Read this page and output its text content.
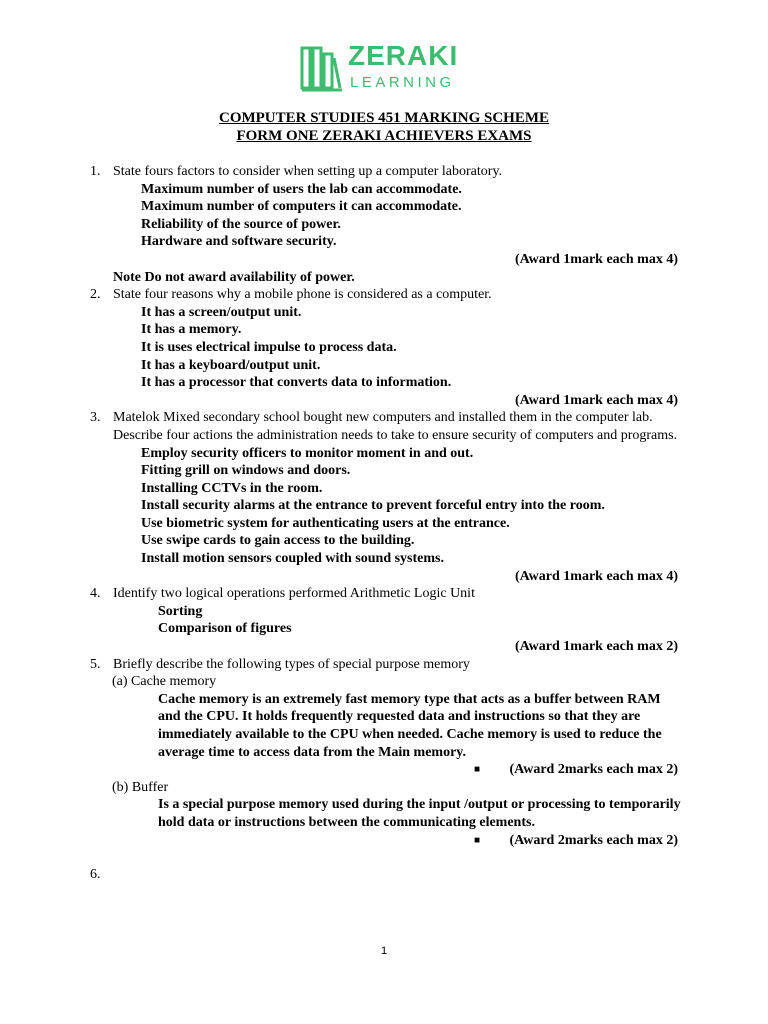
ZERAKI
LEARNING
COMPUTER STUDIES 451 MARKING SCHEME
FORM ONE ZERAKI ACHIEVERS EXAMS
1. State fours factors to consider when setting up a computer laboratory.
Maximum number of users the lab can accommodate.
Maximum number of computers it can accommodate.
Reliability of the source of power.
Hardware and software security.
(Award 1mark each max 4)
Note Do not award availability of power.
2. State four reasons why a mobile phone is considered as a computer.
It has a screen/output unit.
It has a memory.
It is uses electrical impulse to process data.
It has a keyboard/output unit.
It has a processor that converts data to information.
(Award 1mark each max 4)
3. Matelok Mixed secondary school bought new computers and installed them in the computer lab. Describe four actions the administration needs to take to ensure security of computers and programs.
Employ security officers to monitor moment in and out.
Fitting grill on windows and doors.
Installing CCTVs in the room.
Install security alarms at the entrance to prevent forceful entry into the room.
Use biometric system for authenticating users at the entrance.
Use swipe cards to gain access to the building.
Install motion sensors coupled with sound systems.
(Award 1mark each max 4)
4. Identify two logical operations performed Arithmetic Logic Unit
Sorting
Comparison of figures
(Award 1mark each max 2)
5. Briefly describe the following types of special purpose memory
(a) Cache memory
Cache memory is an extremely fast memory type that acts as a buffer between RAM and the CPU. It holds frequently requested data and instructions so that they are immediately available to the CPU when needed. Cache memory is used to reduce the average time to access data from the Main memory.
■ (Award 2marks each max 2)
(b) Buffer
Is a special purpose memory used during the input /output or processing to temporarily hold data or instructions between the communicating elements.
■ (Award 2marks each max 2)
6.

1
